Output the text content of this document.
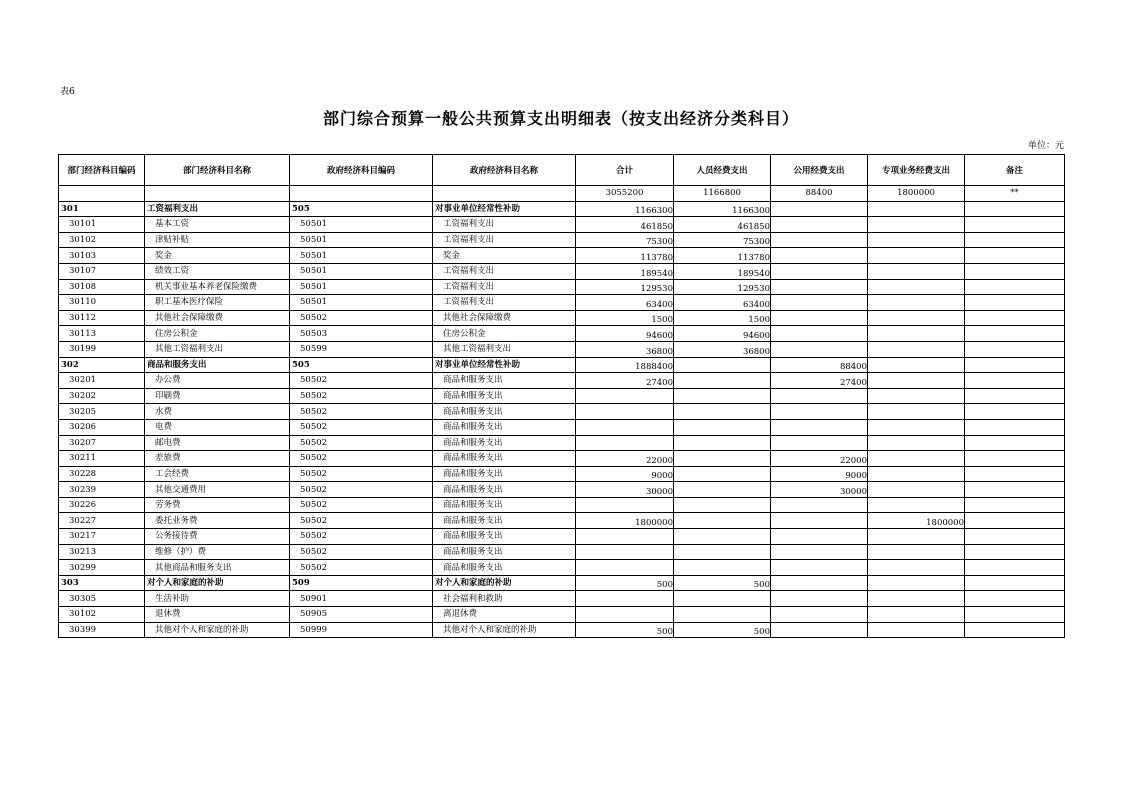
表6
部门综合预算一般公共预算支出明细表（按支出经济分类科目）
单位：元
部门经济科目编码	部门经济科目名称	政府经济科目编码	政府经济科目名称	合计	人员经费支出	公用经费支出	专项业务经费支出	备注
				3055200	1166800	88400	1800000	**
301	工资福利支出	505	对事业单位经常性补助	1166300	1166300			
30101	基本工资	50501	工资福利支出	461850	461850			
30102	津贴补贴	50501	工资福利支出	75300	75300			
30103	奖金	50501	奖金	113780	113780			
30107	绩效工资	50501	工资福利支出	189540	189540			
30108	机关事业基本养老保险缴费	50501	工资福利支出	129530	129530			
30110	职工基本医疗保险	50501	工资福利支出	63400	63400			
30112	其他社会保障缴费	50502	其他社会保障缴费	1500	1500			
30113	住房公积金	50503	住房公积金	94600	94600			
30199	其他工资福利支出	50599	其他工资福利支出	36800	36800			
302	商品和服务支出	505	对事业单位经常性补助	1888400		88400		
30201	办公费	50502	商品和服务支出	27400		27400		
30202	印刷费	50502	商品和服务支出					
30205	水费	50502	商品和服务支出					
30206	电费	50502	商品和服务支出					
30207	邮电费	50502	商品和服务支出					
30211	差旅费	50502	商品和服务支出	22000		22000		
30228	工会经费	50502	商品和服务支出	9000		9000		
30239	其他交通费用	50502	商品和服务支出	30000		30000		
30226	劳务费	50502	商品和服务支出					
30227	委托业务费	50502	商品和服务支出	1800000			1800000	
30217	公务接待费	50502	商品和服务支出					
30213	维修（护）费	50502	商品和服务支出					
30299	其他商品和服务支出	50502	商品和服务支出					
303	对个人和家庭的补助	509	对个人和家庭的补助	500	500			
30305	生活补助	50901	社会福利和救助					
30102	退休费	50905	离退休费					
30399	其他对个人和家庭的补助	50999	其他对个人和家庭的补助	500	500			
